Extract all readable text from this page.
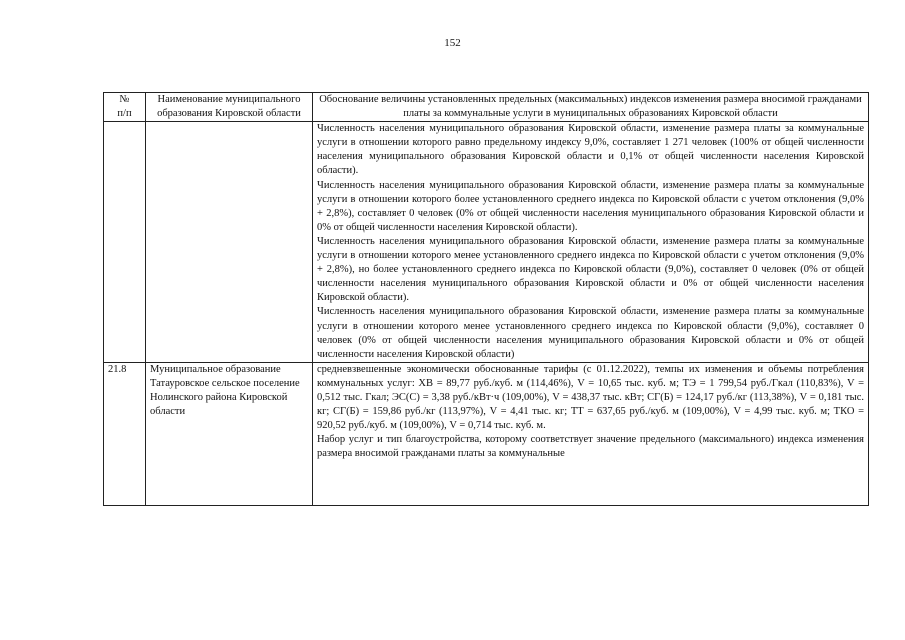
152
№
п/п	Наименование муниципального образования Кировской области	Обоснование величины установленных предельных (максимальных) индексов изменения размера вносимой гражданами платы за коммунальные услуги в муниципальных образованиях Кировской области

		Численность населения муниципального образования Кировской области, изменение размера платы за коммунальные услуги в отношении которого равно предельному индексу 9,0%, составляет 1 271 человек (100% от общей численности населения муниципального образования Кировской области и 0,1% от общей численности населения Кировской области).

Численность населения муниципального образования Кировской области, изменение размера платы за коммунальные услуги в отношении которого более установленного среднего индекса по Кировской области с учетом отклонения (9,0% + 2,8%), составляет 0 человек (0% от общей численности населения муниципального образования Кировской области и 0% от общей численности населения Кировской области).

Численность населения муниципального образования Кировской области, изменение размера платы за коммунальные услуги в отношении которого менее установленного среднего индекса по Кировской области с учетом отклонения (9,0% + 2,8%), но более установленного среднего индекса по Кировской области (9,0%), составляет 0 человек (0% от общей численности населения муниципального образования Кировской области и 0% от общей численности населения Кировской области).

Численность населения муниципального образования Кировской области, изменение размера платы за коммунальные услуги в отношении которого менее установленного среднего индекса по Кировской области (9,0%), составляет 0 человек (0% от общей численности населения муниципального образования Кировской области и 0% от общей численности населения Кировской области)

21.8	Муниципальное образование Татауровское сельское поселение Нолинского района Кировской области	средневзвешенные экономически обоснованные тарифы (с 01.12.2022), темпы их изменения и объемы потребления коммунальных услуг: ХВ = 89,77 руб./куб. м (114,46%), V = 10,65 тыс. куб. м; ТЭ = 1 799,54 руб./Гкал (110,83%), V = 0,512 тыс. Гкал; ЭС(С) = 3,38 руб./кВт·ч (109,00%), V = 438,37 тыс. кВт; СГ(Б) = 124,17 руб./кг (113,38%), V = 0,181 тыс. кг; СГ(Б) = 159,86 руб./кг (113,97%), V = 4,41 тыс. кг; ТТ = 637,65 руб./куб. м (109,00%), V = 4,99 тыс. куб. м; ТКО = 920,52 руб./куб. м (109,00%), V = 0,714 тыс. куб. м.

Набор услуг и тип благоустройства, которому соответствует значение предельного (максимального) индекса изменения размера вносимой гражданами платы за коммунальные
